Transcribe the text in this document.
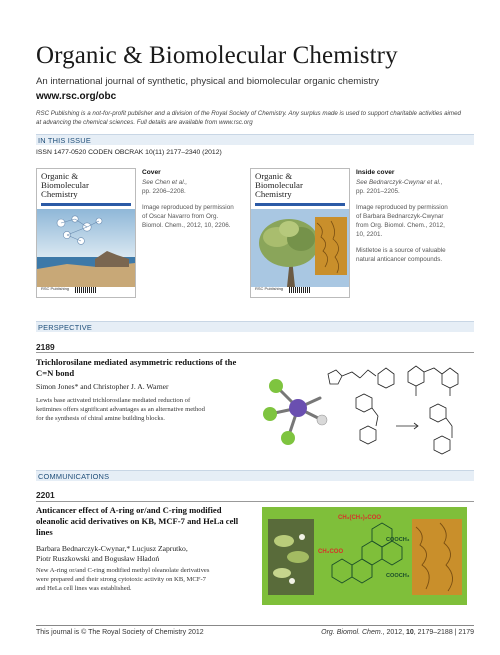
Organic & Biomolecular Chemistry
An international journal of synthetic, physical and biomolecular organic chemistry
www.rsc.org/obc
RSC Publishing is a not-for-profit publisher and a division of the Royal Society of Chemistry. Any surplus made is used to support charitable activities aimed at advancing the chemical sciences. Full details are available from www.rsc.org
IN THIS ISSUE
ISSN 1477-0520 CODEN OBCRAK 10(11) 2177–2340 (2012)
Organic &
Biomolecular
Chemistry
RSC Publishing

Cover
See Chen et al.,
pp. 2206–2208.

Image reproduced by permission
of Oscar Navarro from Org.
Biomol. Chem., 2012, 10, 2206.

Organic &
Biomolecular
Chemistry
RSC Publishing

Inside cover
See Bednarczyk-Cwynar et al.,
pp. 2201–2205.

Image reproduced by permission
of Barbara Bednarczyk-Cwynar
from Org. Biomol. Chem., 2012,
10, 2201.

Mistletoe is a source of valuable
natural anticancer compounds.

PERSPECTIVE
2189
Trichlorosilane mediated asymmetric reductions of the
C=N bond
Simon Jones* and Christopher J. A. Warner
Lewis base activated trichlorosilane mediated reduction of
ketimines offers significant advantages as an alternative method
for the synthesis of chiral amine building blocks.
COMMUNICATIONS
2201
Anticancer effect of A-ring or/and C-ring modified
oleanolic acid derivatives on KB, MCF-7 and HeLa cell
lines
Barbara Bednarczyk-Cwynar,* Lucjusz Zaprutko,
Piotr Ruszkowski and Bogusław Hładoń
New A-ring or/and C-ring modified methyl oleanolate derivatives
were prepared and their strong cytotoxic activity on KB, MCF-7
and HeLa cell lines was established.
CH₃(CH₂)₂COO
CH₃COO
COOCH₃
COOCH₃
This journal is © The Royal Society of Chemistry 2012	Org. Biomol. Chem., 2012, 10, 2179–2188 | 2179
